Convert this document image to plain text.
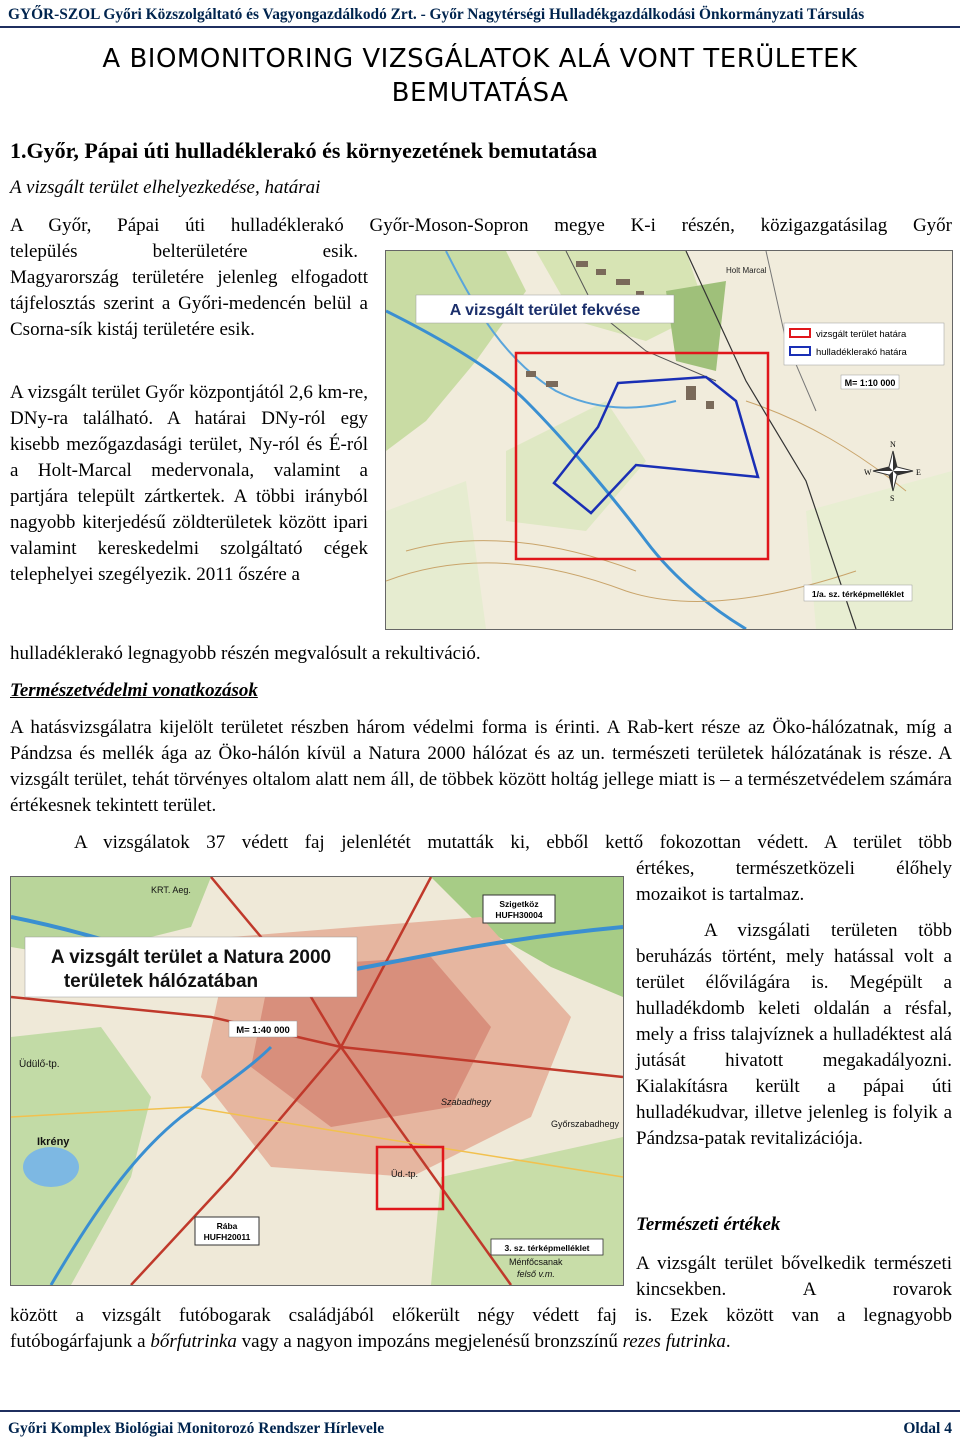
GYŐR-SZOL Győri Közszolgáltató és Vagyongazdálkodó Zrt. - Győr Nagytérségi Hulladékgazdálkodási Önkormányzati Társulás
A BIOMONITORING VIZSGÁLATOK ALÁ VONT TERÜLETEK
BEMUTATÁSA
1.Győr, Pápai úti hulladéklerakó és környezetének bemutatása
A vizsgált terület elhelyezkedése, határai
A Győr, Pápai úti hulladéklerakó Győr-Moson-Sopron megye K-i részén, közigazgatásilag Győr
település belterületére esik.
Magyarország területére jelenleg elfogadott tájfelosztás szerint a Győri-medencén belül a Csorna-sík kistáj területére esik.
A vizsgált terület Győr központjától 2,6 km-re, DNy-ra található. A határai DNy-ról egy kisebb mezőgazdasági terület, Ny-ról és É-ról a Holt-Marcal medervonala, valamint a partjára települt zártkertek. A többi irányból nagyobb kiterjedésű zöldterületek között ipari valamint kereskedelmi szolgáltató cégek telephelyei szegélyezik. 2011 őszére a
hulladéklerakó legnagyobb részén megvalósult a rekultiváció.
A vizsgált terület fekvése
vizsgált terület határa
hulladéklerakó határa
M= 1:10 000
N
S
E
W
Holt Marcal
1/a. sz. térképmelléklet
Természetvédelmi vonatkozások
A hatásvizsgálatra kijelölt területet részben három védelmi forma is érinti. A Rab-kert része az Öko-hálózatnak, míg a Pándzsa és mellék ága az Öko-hálón kívül a Natura 2000 hálózat és az un. természeti területek hálózatának is része. A vizsgált terület, tehát törvényes oltalom alatt nem áll, de többek között holtág jellege miatt is – a természetvédelem számára értékesnek tekintett terület.
A vizsgálatok 37 védett faj jelenlétét mutatták ki, ebből kettő fokozottan védett. A terület több
értékes, természetközeli élőhely mozaikot is tartalmaz.
A vizsgálati területen több beruházás történt, mely hatással volt a terület élővilágára is. Megépült a hulladékdomb keleti oldalán a résfal, mely a friss talajvíznek a hulladéktest alá jutását hivatott megakadályozni. Kialakításra került a pápai úti hulladékudvar, illetve jelenleg is folyik a Pándzsa-patak revitalizációja.
A vizsgált terület a Natura 2000
területek hálózatában
M= 1:40 000
Szigetköz
HUFH30004
Rába
HUFH20011
Üdülő-tp.
Ikrény
Ménfőcsanak
felső v.m.
Szabadhegy
Győrszabadhegy
Üd.-tp.
KRT. Aeg.
3. sz. térképmelléklet
Természeti értékek
A vizsgált terület bővelkedik természeti kincsekben. A rovarok
között a vizsgált futóbogarak családjából előkerült négy védett faj is. Ezek között van a legnagyobb
futóbogárfajunk a bőrfutrinka vagy a nagyon impozáns megjelenésű bronzszínű rezes futrinka.
Győri Komplex Biológiai Monitorozó Rendszer Hírlevele	Oldal 4
